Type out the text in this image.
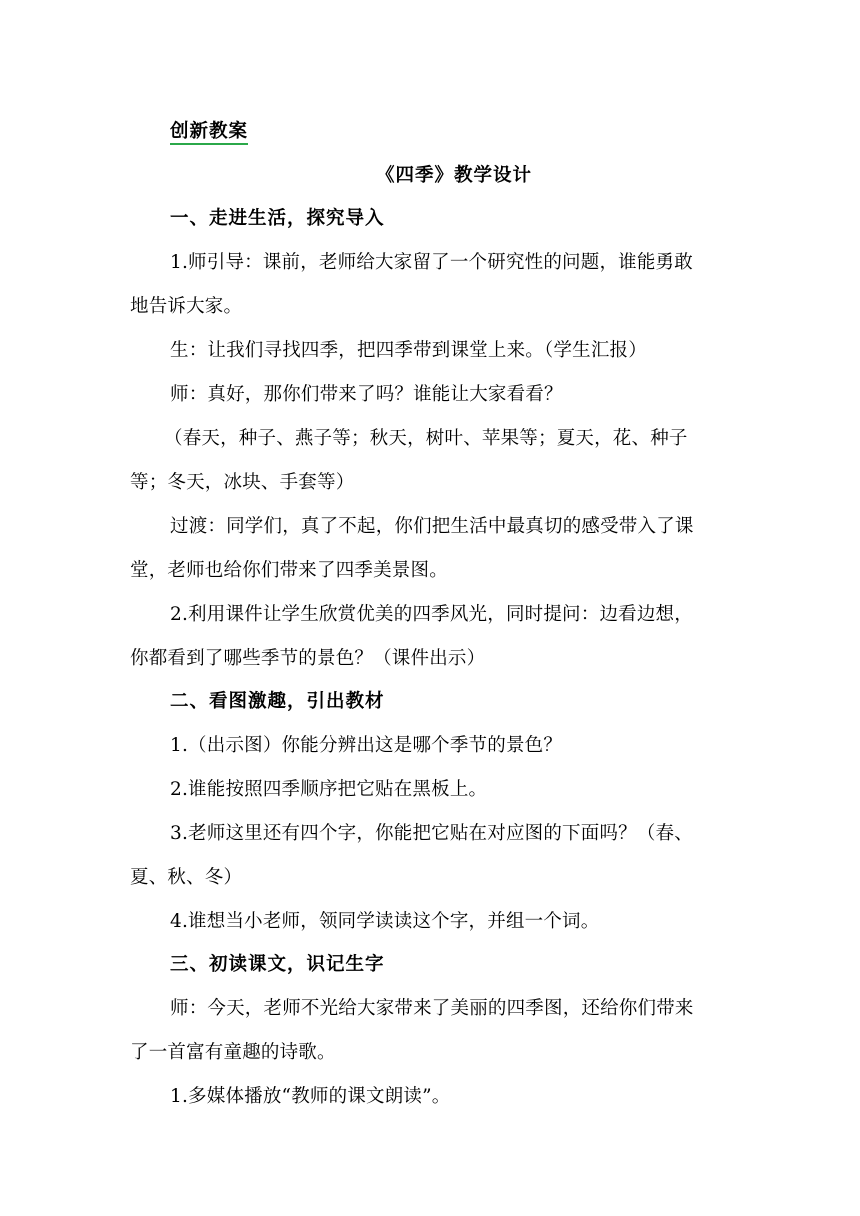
创新教案
《四季》教学设计
一、走进生活，探究导入
1.师引导：课前，老师给大家留了一个研究性的问题，谁能勇敢
地告诉大家。
生：让我们寻找四季，把四季带到课堂上来。（学生汇报）
师：真好，那你们带来了吗？谁能让大家看看？
（春天，种子、燕子等；秋天，树叶、苹果等；夏天，花、种子
等；冬天，冰块、手套等）
过渡：同学们，真了不起，你们把生活中最真切的感受带入了课
堂，老师也给你们带来了四季美景图。
2.利用课件让学生欣赏优美的四季风光，同时提问：边看边想，
你都看到了哪些季节的景色？（课件出示）
二、看图激趣，引出教材
1.（出示图）你能分辨出这是哪个季节的景色？
2.谁能按照四季顺序把它贴在黑板上。
3.老师这里还有四个字，你能把它贴在对应图的下面吗？（春、
夏、秋、冬）
4.谁想当小老师，领同学读读这个字，并组一个词。
三、初读课文，识记生字
师：今天，老师不光给大家带来了美丽的四季图，还给你们带来
了一首富有童趣的诗歌。
1.多媒体播放“教师的课文朗读”。
